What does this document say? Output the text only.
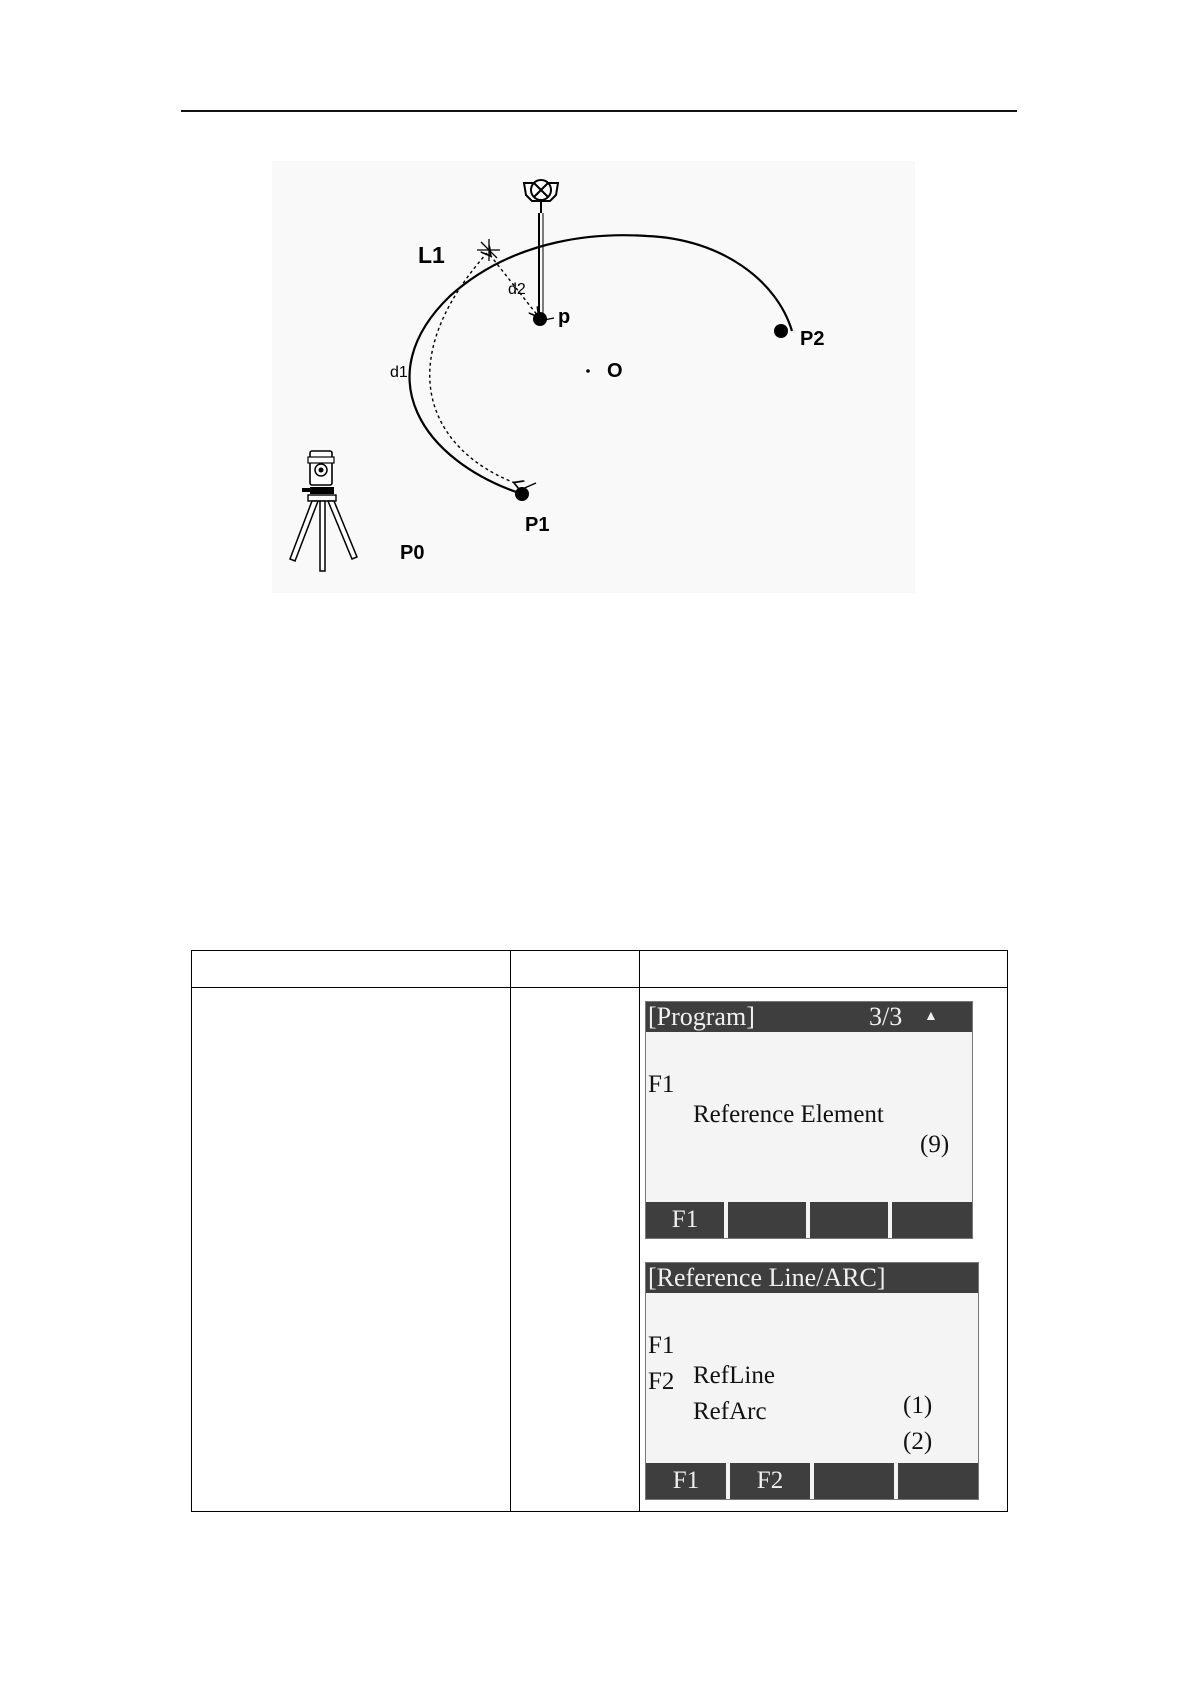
L1
d2
d1
p
P2
O
P1
P0
[Program]	3/3 ▲

F1

Reference Element

(9)

F1
[Reference Line/ARC]

F1

RefLine

(1)

F2

RefArc

(2)

F1	F2
